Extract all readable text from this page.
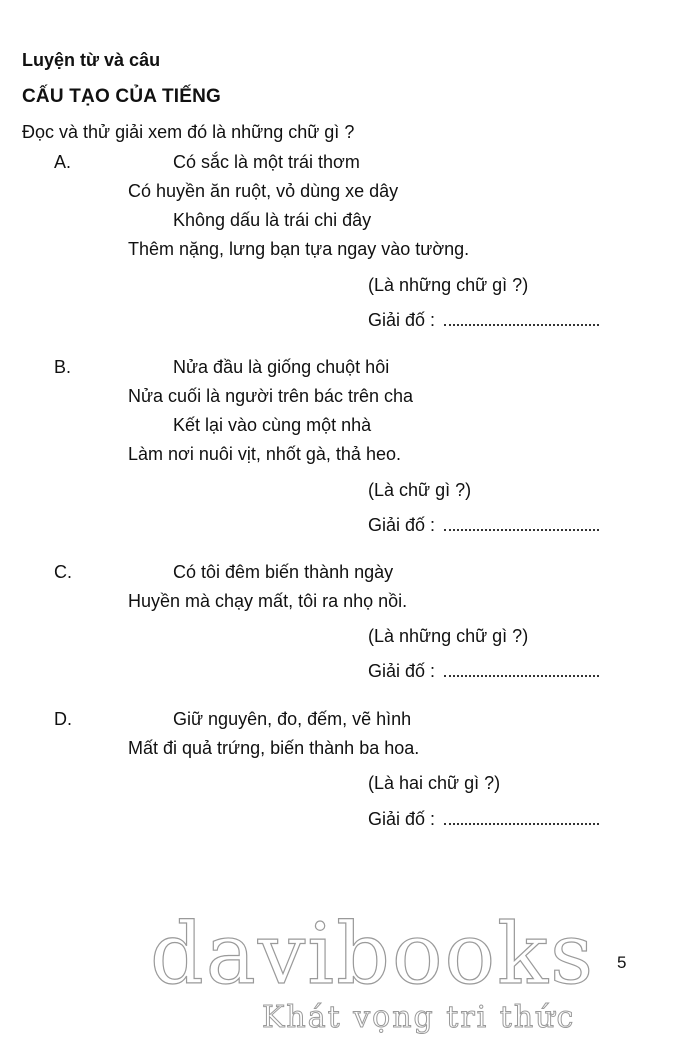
Luyện từ và câu
CẤU TẠO CỦA TIẾNG
Đọc và thử giải xem đó là những chữ gì ?
A.	Có sắc là một trái thơm
Có huyền ăn ruột, vỏ dùng xe dây
Không dấu là trái chi đây
Thêm nặng, lưng bạn tựa ngay vào tường.
(Là những chữ gì ?)
Giải đố :
B.	Nửa đầu là giống chuột hôi
Nửa cuối là người trên bác trên cha
Kết lại vào cùng một nhà
Làm nơi nuôi vịt, nhốt gà, thả heo.
(Là chữ gì ?)
Giải đố :
C.	Có tôi đêm biến thành ngày
Huyền mà chạy mất, tôi ra nhọ nồi.
(Là những chữ gì ?)
Giải đố :
D.	Giữ nguyên, đo, đếm, vẽ hình
Mất đi quả trứng, biến thành ba hoa.
(Là hai chữ gì ?)
Giải đố :
davibooks
Khát vọng tri thức
5
